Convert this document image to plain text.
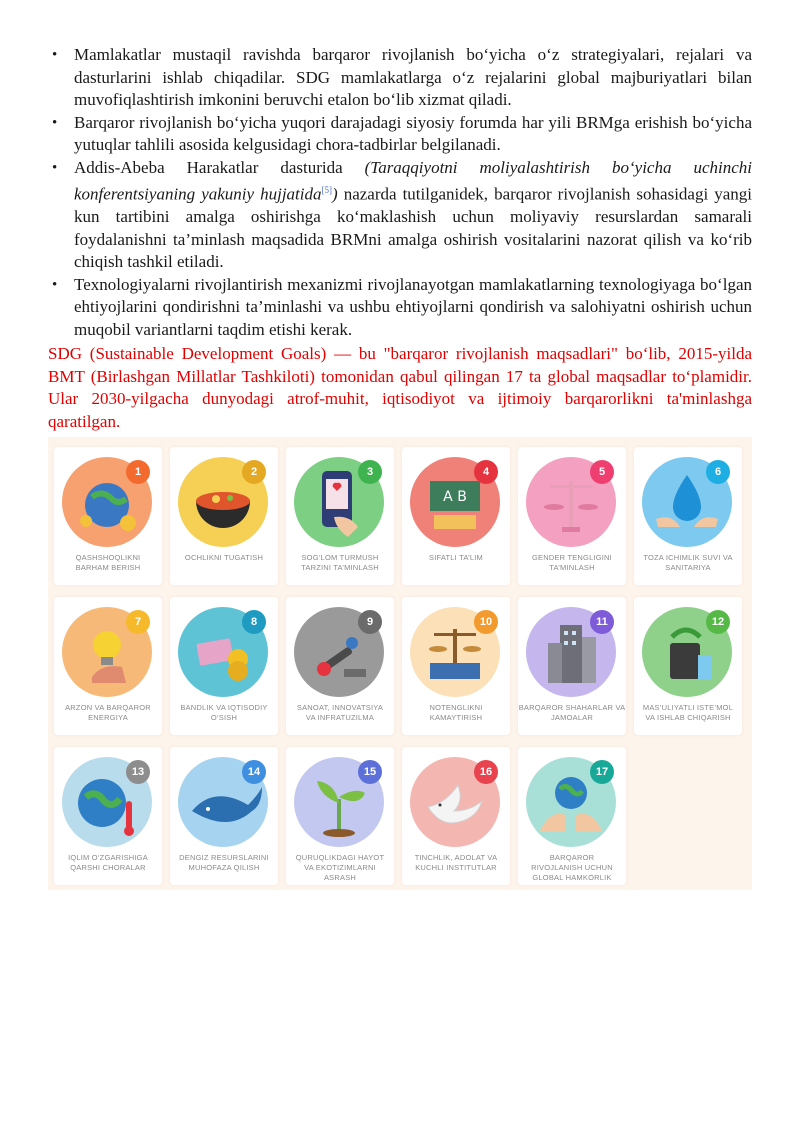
• Mamlakatlar mustaqil ravishda barqaror rivojlanish bo‘yicha o‘z strategiyalari, rejalari va dasturlarini ishlab chiqadilar. SDG mamlakatlarga o‘z rejalarini global majburiyatlari bilan muvofiqlashtirish imkonini beruvchi etalon bo‘lib xizmat qiladi.
• Barqaror rivojlanish bo‘yicha yuqori darajadagi siyosiy forumda har yili BRMga erishish bo‘yicha yutuqlar tahlili asosida kelgusidagi chora-tadbirlar belgilanadi.
• Addis-Abeba Harakatlar dasturida (Taraqqiyotni moliyalashtirish bo‘yicha uchinchi konferentsiyaning yakuniy hujjatida[5]) nazarda tutilganidek, barqaror rivojlanish sohasidagi yangi kun tartibini amalga oshirishga ko‘maklashish uchun moliyaviy resurslardan samarali foydalanishni ta’minlash maqsadida BRMni amalga oshirish vositalarini nazorat qilish va ko‘rib chiqish tashkil etiladi.
• Texnologiyalarni rivojlantirish mexanizmi rivojlanayotgan mamlakatlarning texnologiyaga bo‘lgan ehtiyojlarini qondirishni ta’minlashi va ushbu ehtiyojlarni qondirish va salohiyatni oshirish uchun muqobil variantlarni taqdim etishi kerak.

SDG (Sustainable Development Goals) — bu "barqaror rivojlanish maqsadlari" bo‘lib, 2015-yilda BMT (Birlashgan Millatlar Tashkiloti) tomonidan qabul qilingan 17 ta global maqsadlar to‘plamidir. Ular 2030-yilgacha dunyodagi atrof-muhit, iqtisodiyot va ijtimoiy barqarorlikni ta'minlashga qaratilgan.

1
QASHSHOQLIKNI
BARHAM BERISH
2
OCHLIKNI TUGATISH
3
SOG‘LOM TURMUSH
TARZINI TA’MINLASH
A B
4
SIFATLI TA’LIM
5
GENDER TENGLIGINI
TA’MINLASH
6
TOZA ICHIMLIK SUVI VA
SANITARIYA
7
ARZON VA BARQAROR
ENERGIYA
8
BANDLIK VA IQTISODIY
O‘SISH
9
SANOAT, INNOVATSIYA
VA INFRATUZILMA
10
NOTENGLIKNI
KAMAYTIRISH
11
BARQAROR SHAHARLAR VA
JAMOALAR
12
MAS’ULIYATLI ISTE’MOL
VA ISHLAB CHIQARISH
13
IQLIM O‘ZGARISHIGA
QARSHI CHORALAR
14
DENGIZ RESURSLARINI
MUHOFAZA QILISH
15
QURUQLIKDAGI HAYOT
VA EKOTIZIMLARNI
ASRASH
16
TINCHLIK, ADOLAT VA
KUCHLI INSTITUTLAR
17
BARQAROR
RIVOJLANISH UCHUN
GLOBAL HAMKORLIK
